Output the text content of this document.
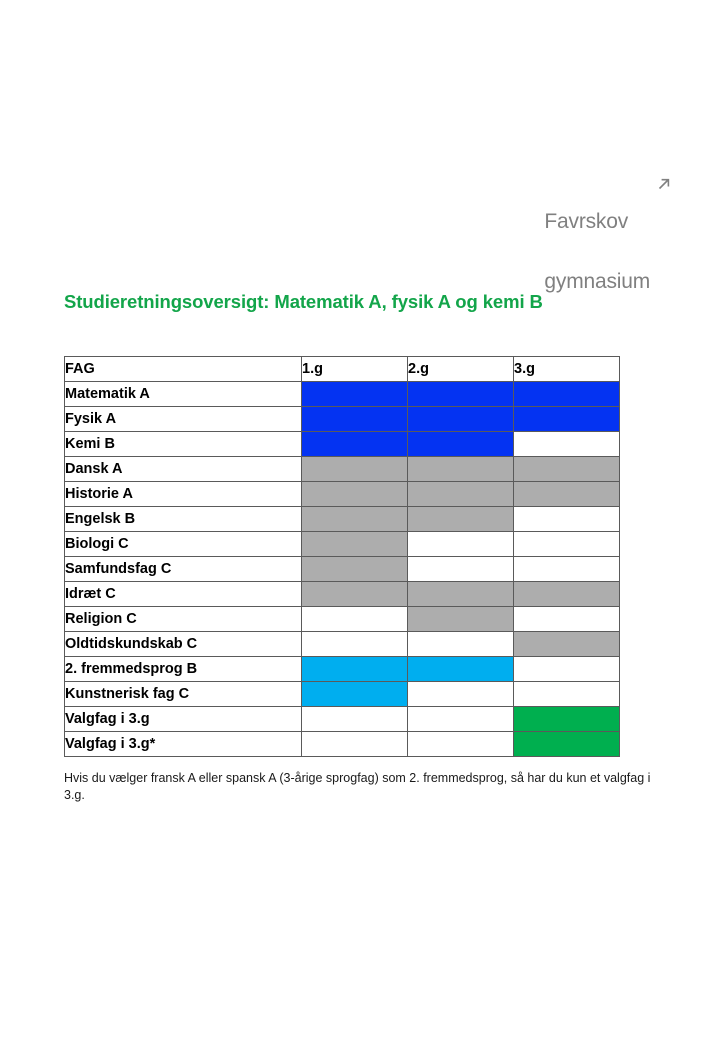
Favrskov

gymnasium

Studieretningsoversigt: Matematik A, fysik A og kemi B
FAG	1.g	2.g	3.g
Matematik A			
Fysik A			
Kemi B			
Dansk A			
Historie A			
Engelsk B			
Biologi C			
Samfundsfag C			
Idræt C			
Religion C			
Oldtidskundskab C			
2. fremmedsprog B			
Kunstnerisk fag C			
Valgfag i 3.g			
Valgfag i 3.g*			
Hvis du vælger fransk A eller spansk A (3-årige sprogfag) som 2. fremmedsprog, så har du kun et valgfag i 3.g.
